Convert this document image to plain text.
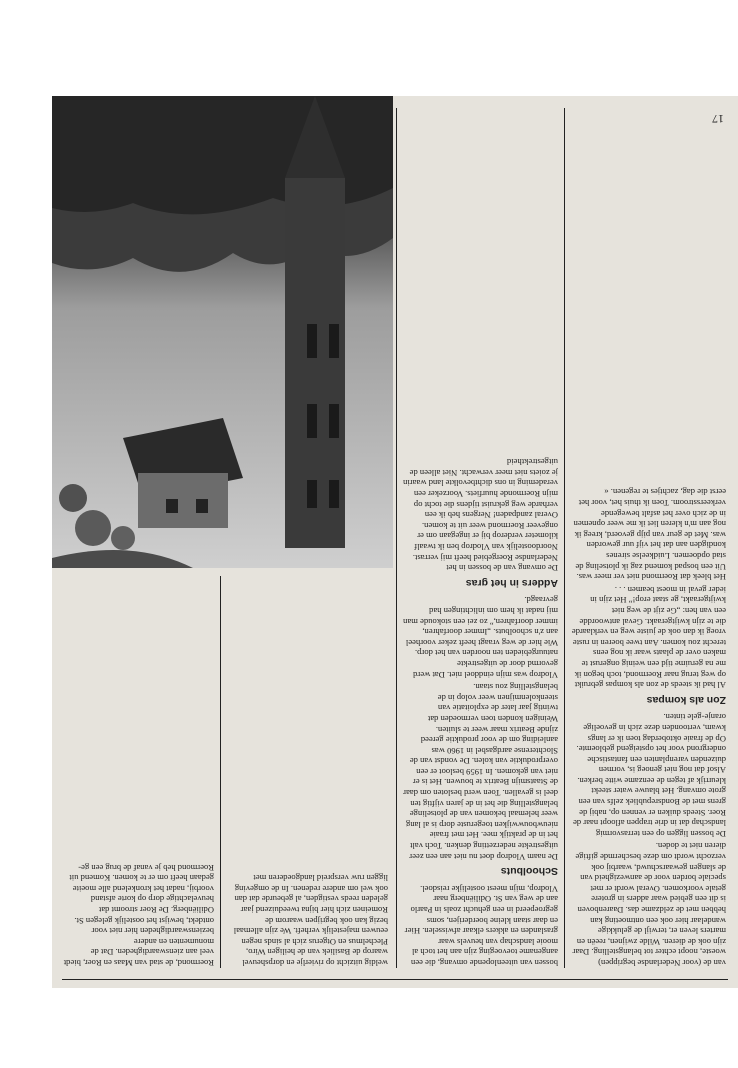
van de (voor Nederlandse begrippen) woeste, noopt echter tot belangstelling. Daar zijn ook de dieren. Wilde zwijnen, reeën en marters leven er, terwijl de gelukkige wandelaar hier ook een ontmoeting kan hebben met de zeldzame das. Daarenboven is dit een gebied waar adders in grotere getale voorkomen. Overal wordt er met speciale borden voor de aanwezigheid van de slangen gewaarschuwd, waarbij ook verzocht wordt om deze beschermde giftige dieren niet te doden.

De bossen liggen op een terrasvormig landschap dat in drie trappen afloopt naar de Roer. Steeds duiken er vennen op, nabij de grens met de Bondsrepubliek zelfs van een grote omvang. Het blauwe water steekt kleurrijk af tegen de eenzame witte berken. Alsof dat nog niet genoeg is, vormen duizenden varenplanten een fantastische ondergrond voor het opsteigend gebloemte. Op de fraaie oktoberdag toen ik er langs kwam, vertoonden deze zich in gevoelige oranje-gele tinten.

Zon als kompas

Al had ik steeds de zon als kompas gebruikt op weg terug naar Roermond, toch begon ik me na geruime tijd een weinig ongerust te maken over de plaats waar ik nog eens terecht zou komen. Aan twee boeren in ruste vroeg ik dan ook de juiste weg en verklaarde die te zijn kwijtgeraakt. Geval antwoordde een van hen: „Ge zijt de weg niet kwijtgeraakt, ge staat erop!” Het zijn in ieder geval in moest beamen . . .

Het bleek dat Roermond niet ver meer was. Uit een bospad komend zag ik plotseling de stad opdoemen. Luidkeelse sirenes kondigden aan dat het vijf uur geworden was. Met de geur van pijp gevoerd, kreeg ik nog aan m'n kleren liet ik me weer opnemen in de zich over het asfalt bewegende verkeersstroom. Toen ik thuis het, voor het eerst die dag, zachtjes te regenen. «

bossen van uiteenlopende omvang, die een aangename toevoeging zijn aan het toch al mooie landschap van heuvels waar graslanden en akkers elkaar afwisselen. Hier en daar staan kleine boerderijen, soms gegroepeerd in een gehucht zoals in Paarlo aan de weg van St. Odiliënberg naar Vlodrop, mijn meest oostelijke reisdoel.

Schoolbuts

De naam Vlodrop doet nu niet aan een zeer uitgestrekte nederzetting denken. Toch valt het in de praktijk mee. Het met fraaie nieuwbouwwijken toegeruste dorp is al lang weer helemaal bekomen van de plotselinge belangstelling die het in de jaren vijftig ten deel is gevallen. Toen werd besloten om daar de Staatsmijn Beatrix te bouwen. Het is er niet van gekomen. In 1959 besloot er een overproduktie van kolen. De vondst van de Slochterense aardgasbel in 1960 was aanleiding om de voor produktie gereed zijnde Beatrix maar weer te sluiten. Weinigen konden toen vermoeden dat twintig jaar later de exploitatie van steenkolenmijnen weer volop in de belangstelling zou staan.

Vlodrop was mijn einddoel niet. Dat werd gevormd door de uitgestrekte natuurgebieden ten noorden van het dorp. Wie hier de weg vraagt heeft zeker voorheel aan z'n schoolbuts. „Immer doorfahren, immer doorfahren,” zo zei een stokoude man mij nadat ik hem om inlichtingen had gevraagd.

Adders in het gras

De omvang van de bossen in het Nederlandse Roergebied heeft mij verrast. Noordoostelijk van Vlodrop ben ik twaalf kilometer verderop bij er ingegaan om er ongeveer Roermond weer uit te komen. Overal zandpaden! Nergens heb ik een verharde weg gekruist tijdens die tocht op mijn Roermonde huurfiets. Voorzeker een verademing in ons dichtbevolkte land waarin je zoiets niet meer verwacht. Niet alleen de uitgestrektheid

weldig uitzicht op rivierlje en dorpsheuvel waarop de Basiliek van de heiligen Wiro, Plechelmus en Otgerus zich al sinds negen eeuwen majestelijk verheft. We zijn allemaal bezig kan ook begrijpen waarom de Romeinen zich hier bijna tweeduizend jaar geleden reeds vestigden, al gebeurde dat dan ook wel om andere redenen. In de omgeving liggen ruw verspreid landgoederen met

Roermond, de stad van Maas en Roer, biedt veel aan zienswaardigheden. Dat de monumenten en andere bezienswaardigheden hier niet voor ontdekt, bewijst het oostelijk gelegen St. Odiliënberg. De Roer stroomt dat heuvelachtige dorp op korte afstand voorbij, nadat het kronkelend alle moeite gedaan heeft om er te komen. Komend uit Roermond heb je vanaf de brug een ge-

17
